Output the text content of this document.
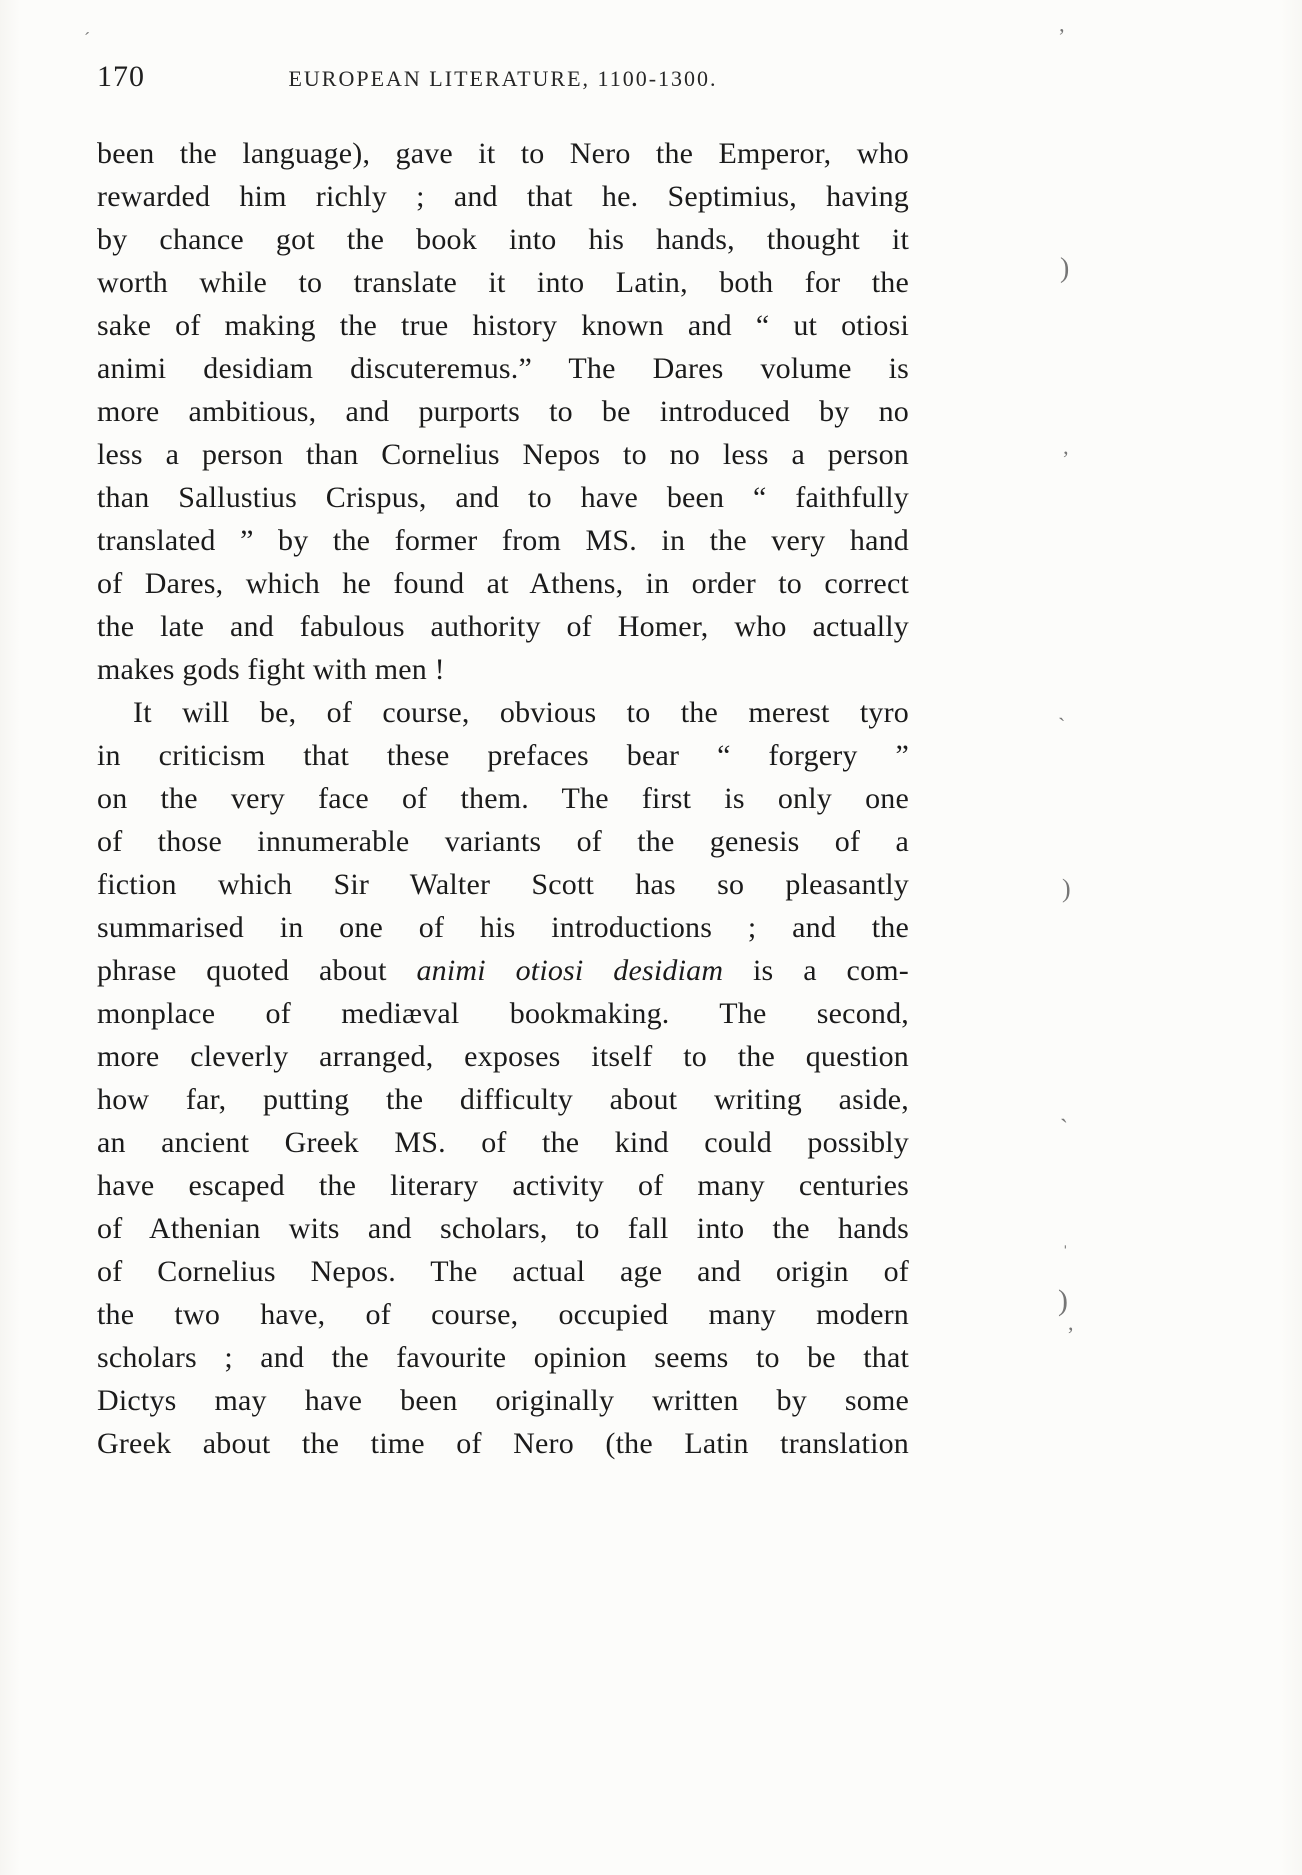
170	EUROPEAN LITERATURE, 1100-1300.
been the language), gave it to Nero the Emperor, who
rewarded him richly ; and that he. Septimius, having
by chance got the book into his hands, thought it
worth while to translate it into Latin, both for the
sake of making the true history known and “ ut otiosi
animi desidiam discuteremus.” The Dares volume is
more ambitious, and purports to be introduced by no
less a person than Cornelius Nepos to no less a person
than Sallustius Crispus, and to have been “ faithfully
translated ” by the former from MS. in the very hand
of Dares, which he found at Athens, in order to correct
the late and fabulous authority of Homer, who actually
makes gods fight with men !
It will be, of course, obvious to the merest tyro
in criticism that these prefaces bear “ forgery ”
on the very face of them. The first is only one
of those innumerable variants of the genesis of a
fiction which Sir Walter Scott has so pleasantly
summarised in one of his introductions ; and the
phrase quoted about animi otiosi desidiam is a com-
monplace of mediæval bookmaking. The second,
more cleverly arranged, exposes itself to the question
how far, putting the difficulty about writing aside,
an ancient Greek MS. of the kind could possibly
have escaped the literary activity of many centuries
of Athenian wits and scholars, to fall into the hands
of Cornelius Nepos. The actual age and origin of
the two have, of course, occupied many modern
scholars ; and the favourite opinion seems to be that
Dictys may have been originally written by some
Greek about the time of Nero (the Latin translation
ʼ
ˊ
)
’
ˏ
)
ˏ
ˌ
)
,
